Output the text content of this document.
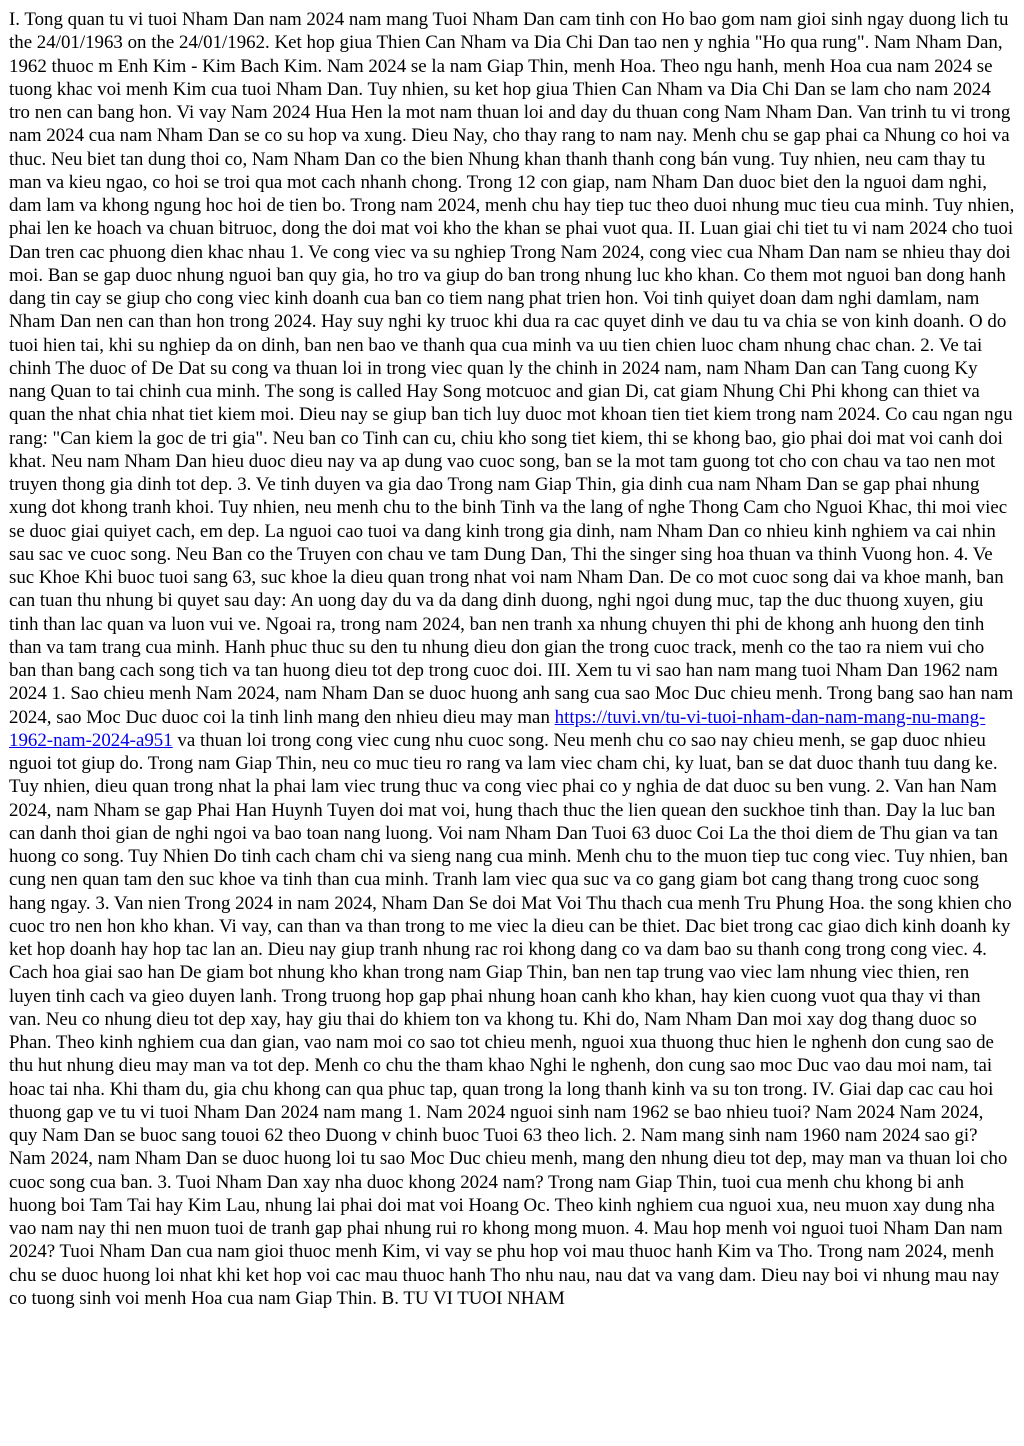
I. Tong quan tu vi tuoi Nham Dan nam 2024 nam mang Tuoi Nham Dan cam tinh con Ho bao gom nam gioi sinh ngay duong lich tu the 24/01/1963 on the 24/01/1962. Ket hop giua Thien Can Nham va Dia Chi Dan tao nen y nghia "Ho qua rung". Nam Nham Dan, 1962 thuoc m Enh Kim - Kim Bach Kim. Nam 2024 se la nam Giap Thin, menh Hoa. Theo ngu hanh, menh Hoa cua nam 2024 se tuong khac voi menh Kim cua tuoi Nham Dan. Tuy nhien, su ket hop giua Thien Can Nham va Dia Chi Dan se lam cho nam 2024 tro nen can bang hon. Vi vay Nam 2024 Hua Hen la mot nam thuan loi and day du thuan cong Nam Nham Dan. Van trinh tu vi trong nam 2024 cua nam Nham Dan se co su hop va xung. Dieu Nay, cho thay rang to nam nay. Menh chu se gap phai ca Nhung co hoi va thuc. Neu biet tan dung thoi co, Nam Nham Dan co the bien Nhung khan thanh thanh cong bán vung. Tuy nhien, neu cam thay tu man va kieu ngao, co hoi se troi qua mot cach nhanh chong. Trong 12 con giap, nam Nham Dan duoc biet den la nguoi dam nghi, dam lam va khong ngung hoc hoi de tien bo. Trong nam 2024, menh chu hay tiep tuc theo duoi nhung muc tieu cua minh. Tuy nhien, phai len ke hoach va chuan bitruoc, dong the doi mat voi kho the khan se phai vuot qua. II. Luan giai chi tiet tu vi nam 2024 cho tuoi Dan tren cac phuong dien khac nhau 1. Ve cong viec va su nghiep Trong Nam 2024, cong viec cua Nham Dan nam se nhieu thay doi moi. Ban se gap duoc nhung nguoi ban quy gia, ho tro va giup do ban trong nhung luc kho khan. Co them mot nguoi ban dong hanh dang tin cay se giup cho cong viec kinh doanh cua ban co tiem nang phat trien hon. Voi tinh quiyet doan dam nghi damlam, nam Nham Dan nen can than hon trong 2024. Hay suy nghi ky truoc khi dua ra cac quyet dinh ve dau tu va chia se von kinh doanh. O do tuoi hien tai, khi su nghiep da on dinh, ban nen bao ve thanh qua cua minh va uu tien chien luoc cham nhung chac chan. 2. Ve tai chinh The duoc of De Dat su cong va thuan loi in trong viec quan ly the chinh in 2024 nam, nam Nham Dan can Tang cuong Ky nang Quan to tai chinh cua minh. The song is called Hay Song motcuoc and gian Di, cat giam Nhung Chi Phi khong can thiet va quan the nhat chia nhat tiet kiem moi. Dieu nay se giup ban tich luy duoc mot khoan tien tiet kiem trong nam 2024. Co cau ngan ngu rang: "Can kiem la goc de tri gia". Neu ban co Tinh can cu, chiu kho song tiet kiem, thi se khong bao, gio phai doi mat voi canh doi khat. Neu nam Nham Dan hieu duoc dieu nay va ap dung vao cuoc song, ban se la mot tam guong tot cho con chau va tao nen mot truyen thong gia dinh tot dep. 3. Ve tinh duyen va gia dao Trong nam Giap Thin, gia dinh cua nam Nham Dan se gap phai nhung xung dot khong tranh khoi. Tuy nhien, neu menh chu to the binh Tinh va the lang of nghe Thong Cam cho Nguoi Khac, thi moi viec se duoc giai quiyet cach, em dep. La nguoi cao tuoi va dang kinh trong gia dinh, nam Nham Dan co nhieu kinh nghiem va cai nhin sau sac ve cuoc song. Neu Ban co the Truyen con chau ve tam Dung Dan, Thi the singer sing hoa thuan va thinh Vuong hon. 4. Ve suc Khoe Khi buoc tuoi sang 63, suc khoe la dieu quan trong nhat voi nam Nham Dan. De co mot cuoc song dai va khoe manh, ban can tuan thu nhung bi quyet sau day: An uong day du va da dang dinh duong, nghi ngoi dung muc, tap the duc thuong xuyen, giu tinh than lac quan va luon vui ve. Ngoai ra, trong nam 2024, ban nen tranh xa nhung chuyen thi phi de khong anh huong den tinh than va tam trang cua minh. Hanh phuc thuc su den tu nhung dieu don gian the trong cuoc track, menh co the tao ra niem vui cho ban than bang cach song tich va tan huong dieu tot dep trong cuoc doi. III. Xem tu vi sao han nam mang tuoi Nham Dan 1962 nam 2024 1. Sao chieu menh Nam 2024, nam Nham Dan se duoc huong anh sang cua sao Moc Duc chieu menh. Trong bang sao han nam 2024, sao Moc Duc duoc coi la tinh linh mang den nhieu dieu may man https://tuvi.vn/tu-vi-tuoi-nham-dan-nam-mang-nu-mang-1962-nam-2024-a951 va thuan loi trong cong viec cung nhu cuoc song. Neu menh chu co sao nay chieu menh, se gap duoc nhieu nguoi tot giup do. Trong nam Giap Thin, neu co muc tieu ro rang va lam viec cham chi, ky luat, ban se dat duoc thanh tuu dang ke. Tuy nhien, dieu quan trong nhat la phai lam viec trung thuc va cong viec phai co y nghia de dat duoc su ben vung. 2. Van han Nam 2024, nam Nham se gap Phai Han Huynh Tuyen doi mat voi, hung thach thuc the lien quean den suckhoe tinh than. Day la luc ban can danh thoi gian de nghi ngoi va bao toan nang luong. Voi nam Nham Dan Tuoi 63 duoc Coi La the thoi diem de Thu gian va tan huong co song. Tuy Nhien Do tinh cach cham chi va sieng nang cua minh. Menh chu to the muon tiep tuc cong viec. Tuy nhien, ban cung nen quan tam den suc khoe va tinh than cua minh. Tranh lam viec qua suc va co gang giam bot cang thang trong cuoc song hang ngay. 3. Van nien Trong 2024 in nam 2024, Nham Dan Se doi Mat Voi Thu thach cua menh Tru Phung Hoa. the song khien cho cuoc tro nen hon kho khan. Vi vay, can than va than trong to me viec la dieu can be thiet. Dac biet trong cac giao dich kinh doanh ky ket hop doanh hay hop tac lan an. Dieu nay giup tranh nhung rac roi khong dang co va dam bao su thanh cong trong cong viec. 4. Cach hoa giai sao han De giam bot nhung kho khan trong nam Giap Thin, ban nen tap trung vao viec lam nhung viec thien, ren luyen tinh cach va gieo duyen lanh. Trong truong hop gap phai nhung hoan canh kho khan, hay kien cuong vuot qua thay vi than van. Neu co nhung dieu tot dep xay, hay giu thai do khiem ton va khong tu. Khi do, Nam Nham Dan moi xay dog thang duoc so Phan. Theo kinh nghiem cua dan gian, vao nam moi co sao tot chieu menh, nguoi xua thuong thuc hien le nghenh don cung sao de thu hut nhung dieu may man va tot dep. Menh co chu the tham khao Nghi le nghenh, don cung sao moc Duc vao dau moi nam, tai hoac tai nha. Khi tham du, gia chu khong can qua phuc tap, quan trong la long thanh kinh va su ton trong. IV. Giai dap cac cau hoi thuong gap ve tu vi tuoi Nham Dan 2024 nam mang 1. Nam 2024 nguoi sinh nam 1962 se bao nhieu tuoi? Nam 2024 Nam 2024, quy Nam Dan se buoc sang touoi 62 theo Duong v chinh buoc Tuoi 63 theo lich. 2. Nam mang sinh nam 1960 nam 2024 sao gi? Nam 2024, nam Nham Dan se duoc huong loi tu sao Moc Duc chieu menh, mang den nhung dieu tot dep, may man va thuan loi cho cuoc song cua ban. 3. Tuoi Nham Dan xay nha duoc khong 2024 nam? Trong nam Giap Thin, tuoi cua menh chu khong bi anh huong boi Tam Tai hay Kim Lau, nhung lai phai doi mat voi Hoang Oc. Theo kinh nghiem cua nguoi xua, neu muon xay dung nha vao nam nay thi nen muon tuoi de tranh gap phai nhung rui ro khong mong muon. 4. Mau hop menh voi nguoi tuoi Nham Dan nam 2024? Tuoi Nham Dan cua nam gioi thuoc menh Kim, vi vay se phu hop voi mau thuoc hanh Kim va Tho. Trong nam 2024, menh chu se duoc huong loi nhat khi ket hop voi cac mau thuoc hanh Tho nhu nau, nau dat va vang dam. Dieu nay boi vi nhung mau nay co tuong sinh voi menh Hoa cua nam Giap Thin. B. TU VI TUOI NHAM
